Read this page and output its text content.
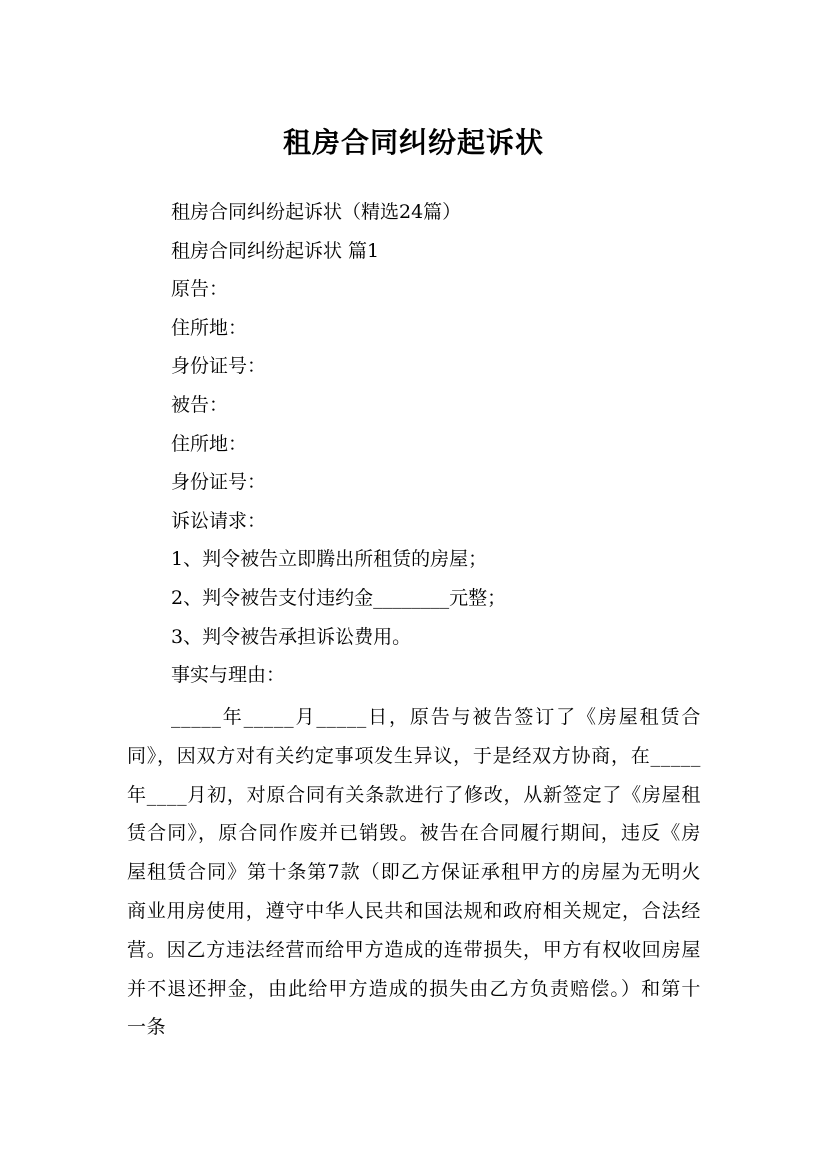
租房合同纠纷起诉状
租房合同纠纷起诉状（精选24篇）
租房合同纠纷起诉状 篇1
原告：
住所地：
身份证号：
被告：
住所地：
身份证号：
诉讼请求：
1、判令被告立即腾出所租赁的房屋；
2、判令被告支付违约金________元整；
3、判令被告承担诉讼费用。
事实与理由：

_____年_____月_____日，原告与被告签订了《房屋租赁合同》，因双方对有关约定事项发生异议，于是经双方协商，在_____年____月初，对原合同有关条款进行了修改，从新签定了《房屋租赁合同》，原合同作废并已销毁。被告在合同履行期间，违反《房屋租赁合同》第十条第7款（即乙方保证承租甲方的房屋为无明火商业用房使用，遵守中华人民共和国法规和政府相关规定，合法经营。因乙方违法经营而给甲方造成的连带损失，甲方有权收回房屋并不退还押金，由此给甲方造成的损失由乙方负责赔偿。）和第十一条
